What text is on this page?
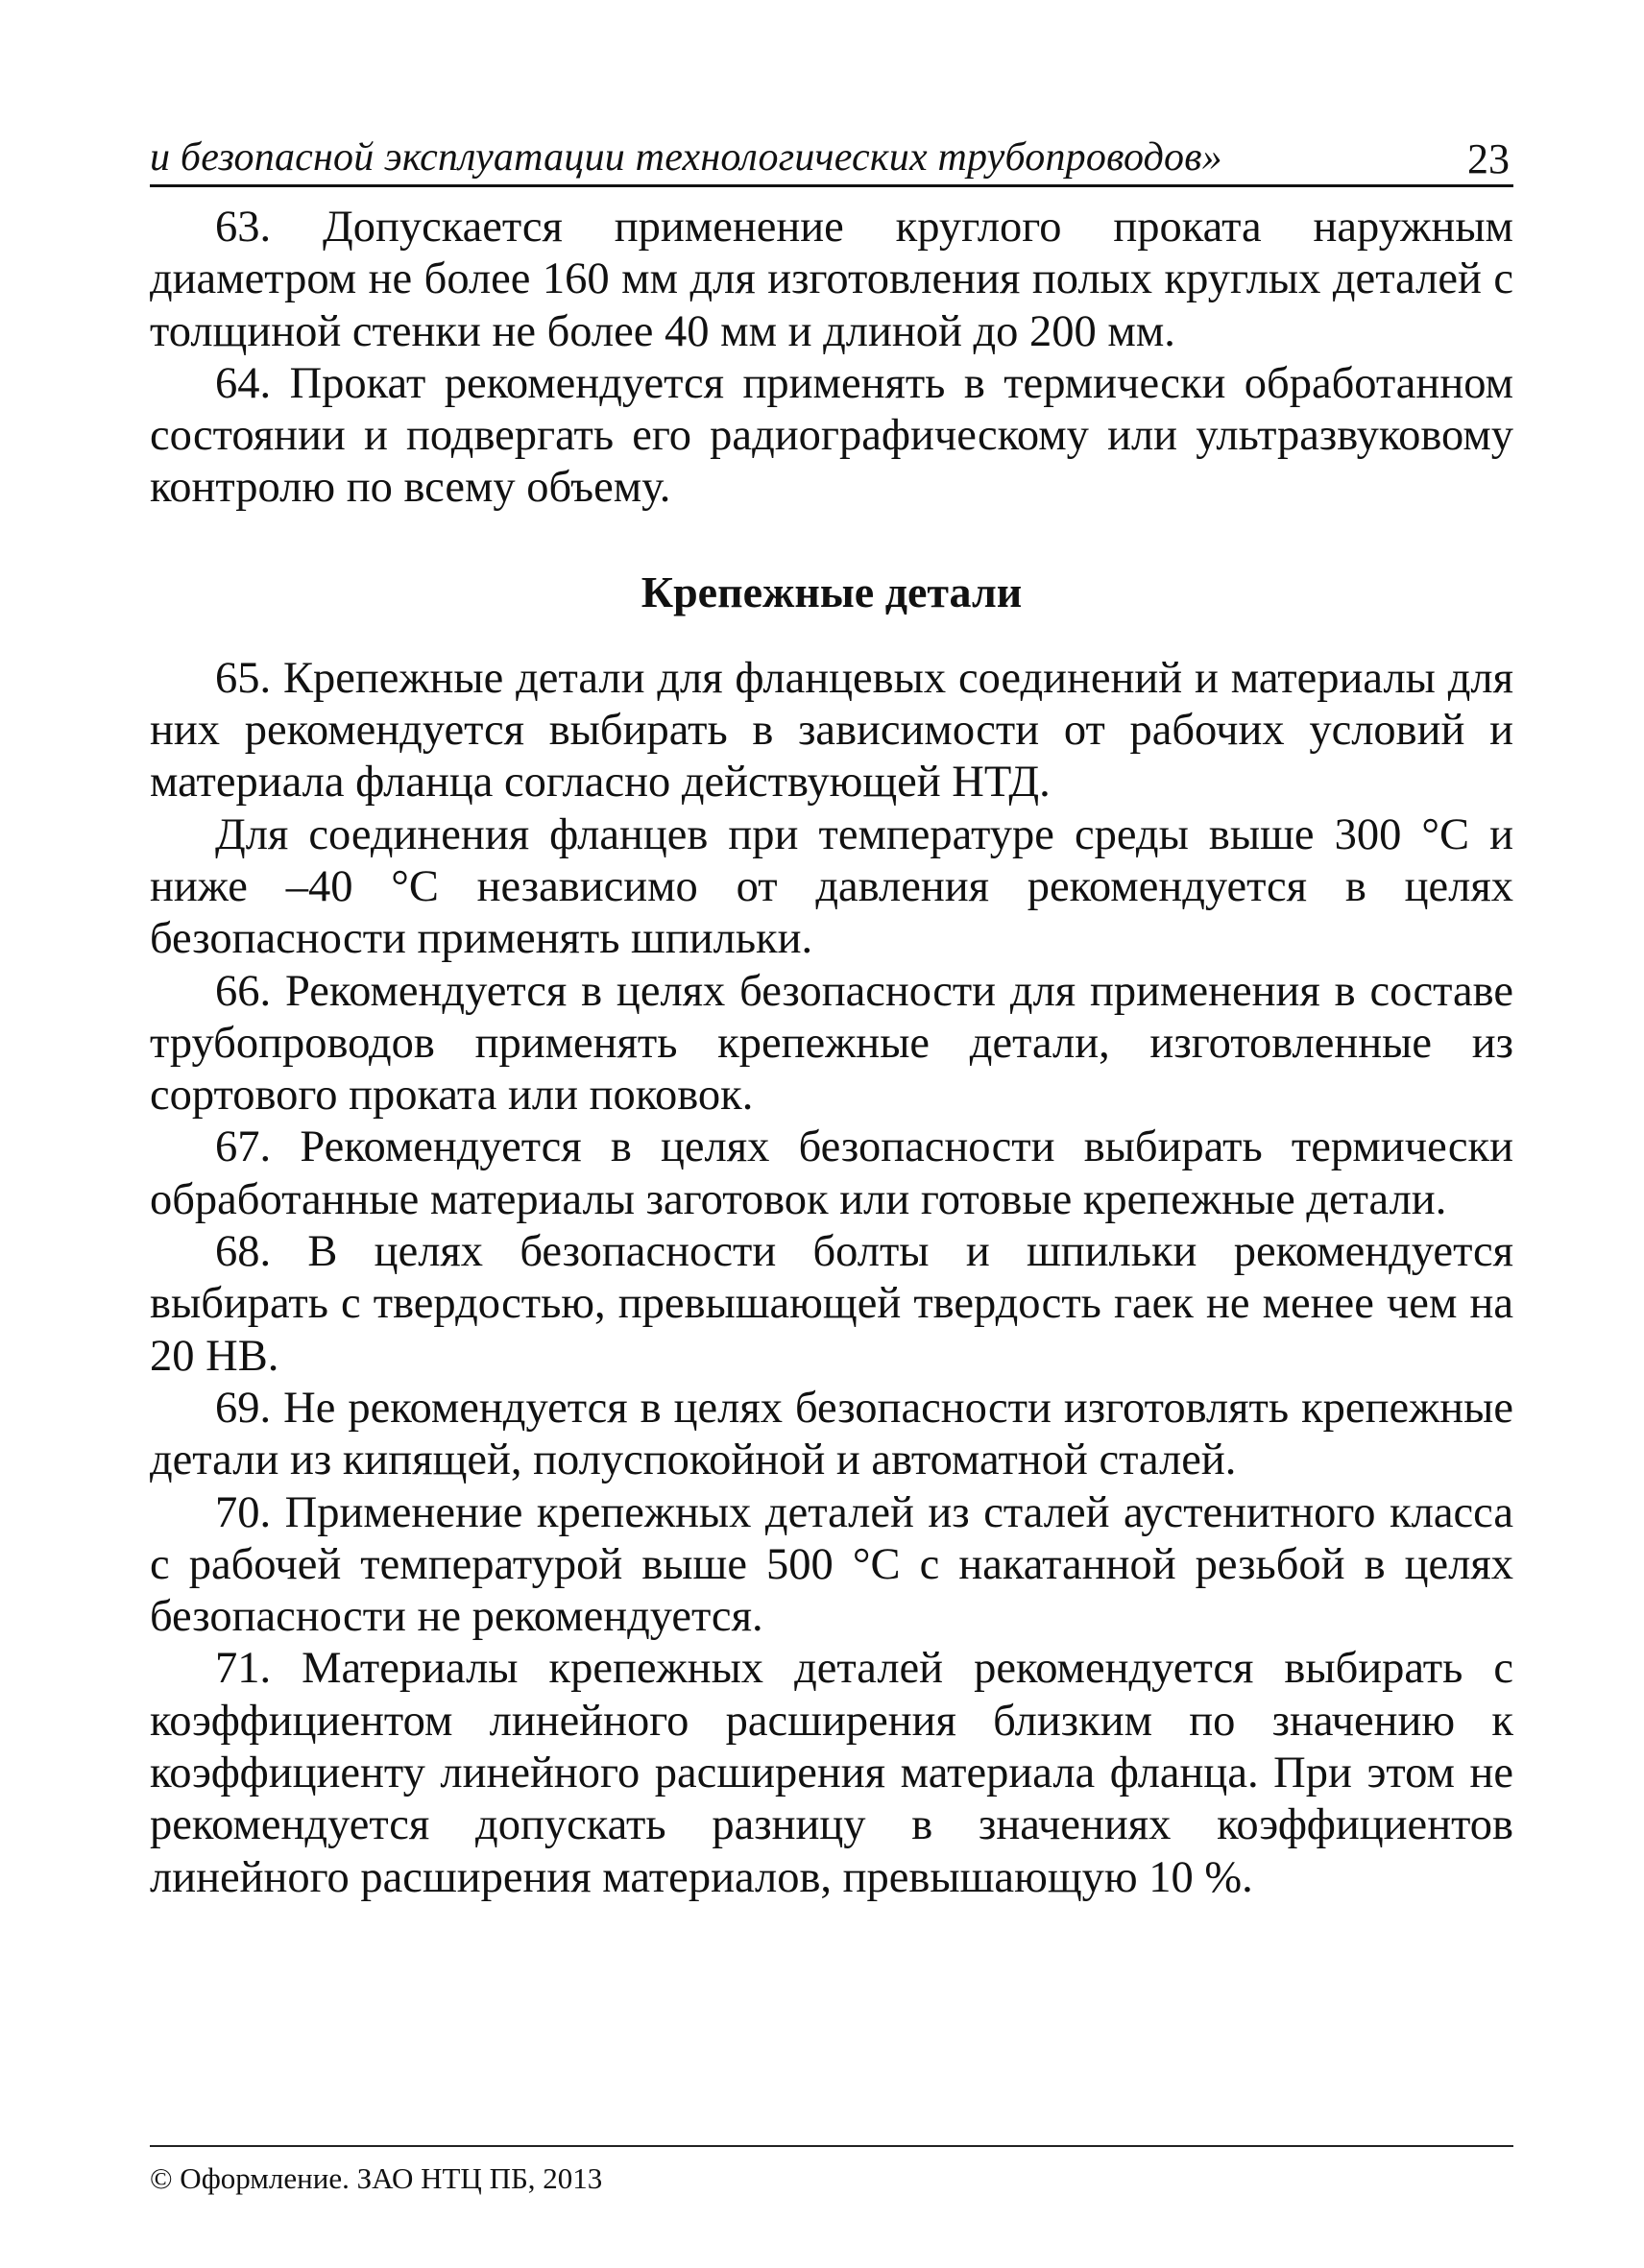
и безопасной эксплуатации технологических трубопроводов»	23

63. Допускается применение круглого проката наружным диаметром не более 160 мм для изготовления полых круглых деталей с толщиной стенки не более 40 мм и длиной до 200 мм.

64. Прокат рекомендуется применять в термически обработанном состоянии и подвергать его радиографическому или ультразвуковому контролю по всему объему.

Крепежные детали

65. Крепежные детали для фланцевых соединений и материалы для них рекомендуется выбирать в зависимости от рабочих условий и материала фланца согласно действующей НТД.

Для соединения фланцев при температуре среды выше 300 °С и ниже –40 °С независимо от давления рекомендуется в целях безопасности применять шпильки.

66. Рекомендуется в целях безопасности для применения в составе трубопроводов применять крепежные детали, изготовленные из сортового проката или поковок.

67. Рекомендуется в целях безопасности выбирать термически обработанные материалы заготовок или готовые крепежные детали.

68. В целях безопасности болты и шпильки рекомендуется выбирать с твердостью, превышающей твердость гаек не менее чем на 20 НВ.

69. Не рекомендуется в целях безопасности изготовлять крепежные детали из кипящей, полуспокойной и автоматной сталей.

70. Применение крепежных деталей из сталей аустенитного класса с рабочей температурой выше 500 °С с накатанной резьбой в целях безопасности не рекомендуется.

71. Материалы крепежных деталей рекомендуется выбирать с коэффициентом линейного расширения близким по значению к коэффициенту линейного расширения материала фланца. При этом не рекомендуется допускать разницу в значениях коэффициентов линейного расширения материалов, превышающую 10 %.

© Оформление. ЗАО НТЦ ПБ, 2013
